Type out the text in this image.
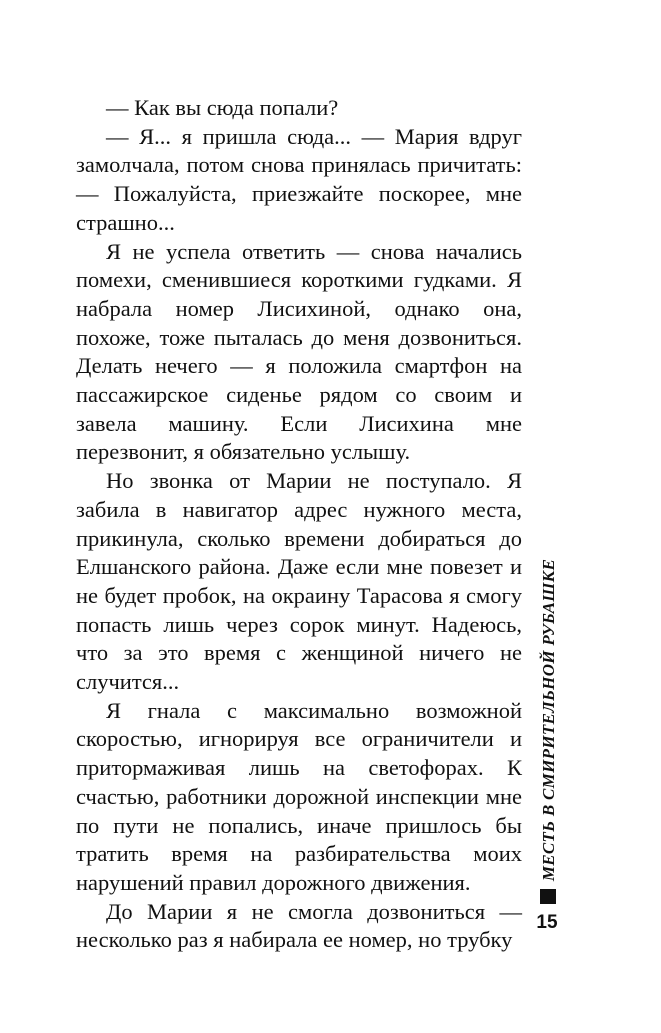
— Как вы сюда попали?

— Я... я пришла сюда... — Мария вдруг замолчала, потом снова принялась причитать: — Пожалуйста, приезжайте поскорее, мне страшно...

Я не успела ответить — снова начались помехи, сменившиеся короткими гудками. Я набрала номер Лисихиной, однако она, похоже, тоже пыталась до меня дозвониться. Делать нечего — я положила смартфон на пассажирское сиденье рядом со своим и завела машину. Если Лисихина мне перезвонит, я обязательно услышу.

Но звонка от Марии не поступало. Я забила в навигатор адрес нужного места, прикинула, сколько времени добираться до Елшанского района. Даже если мне повезет и не будет пробок, на окраину Тарасова я смогу попасть лишь через сорок минут. Надеюсь, что за это время с женщиной ничего не случится...

Я гнала с максимально возможной скоростью, игнорируя все ограничители и притормаживая лишь на светофорах. К счастью, работники дорожной инспекции мне по пути не попались, иначе пришлось бы тратить время на разбирательства моих нарушений правил дорожного движения.

До Марии я не смогла дозвониться — несколько раз я набирала ее номер, но трубку

МЕСТЬ В СМИРИТЕЛЬНОЙ РУБАШКЕ
15
